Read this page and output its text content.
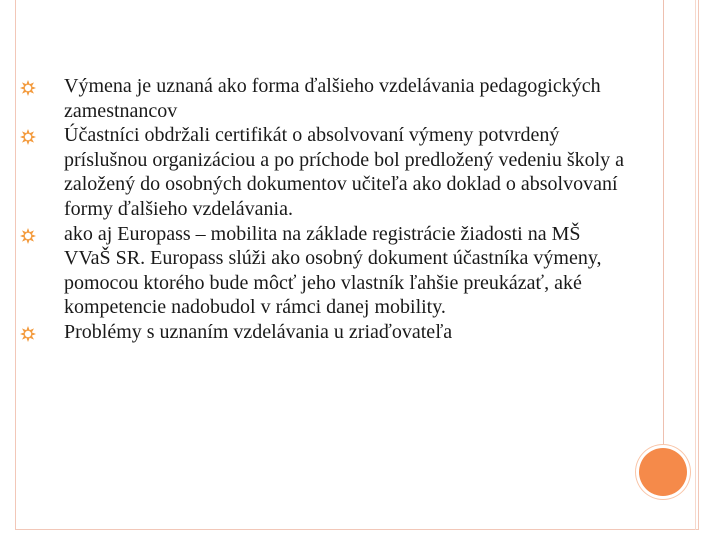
Výmena je uznaná ako forma ďalšieho vzdelávania pedagogických zamestnancov
Účastníci obdržali certifikát o absolvovaní výmeny potvrdený príslušnou organizáciou a po príchode bol predložený vedeniu školy a založený do osobných dokumentov učiteľa ako doklad o absolvovaní formy ďalšieho vzdelávania.
ako aj Europass – mobilita na základe registrácie žiadosti na MŠ VVaŠ SR. Europass slúži ako osobný dokument účastníka výmeny, pomocou ktorého bude môcť jeho vlastník ľahšie preukázať, aké kompetencie nadobudol v rámci danej mobility.
Problémy s uznaním vzdelávania u zriaďovateľa
